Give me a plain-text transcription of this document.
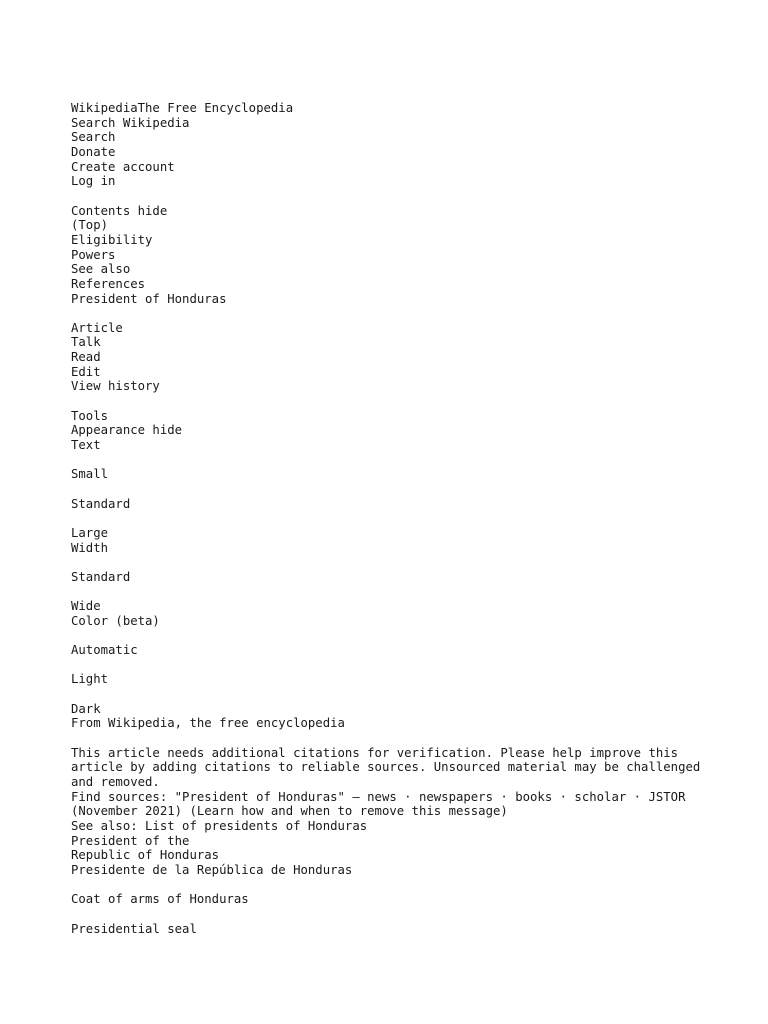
WikipediaThe Free Encyclopedia
Search Wikipedia
Search
Donate
Create account
Log in
Contents hide
(Top)
Eligibility
Powers
See also
References
President of Honduras
Article
Talk
Read
Edit
View history
Tools
Appearance hide
Text
Small
Standard
Large
Width
Standard
Wide
Color (beta)
Automatic
Light
Dark
From Wikipedia, the free encyclopedia
This article needs additional citations for verification. Please help improve this article by adding citations to reliable sources. Unsourced material may be challenged and removed.
Find sources: "President of Honduras" – news · newspapers · books · scholar · JSTOR (November 2021) (Learn how and when to remove this message)
See also: List of presidents of Honduras
President of the
Republic of Honduras
Presidente de la República de Honduras
Coat of arms of Honduras
Presidential seal
